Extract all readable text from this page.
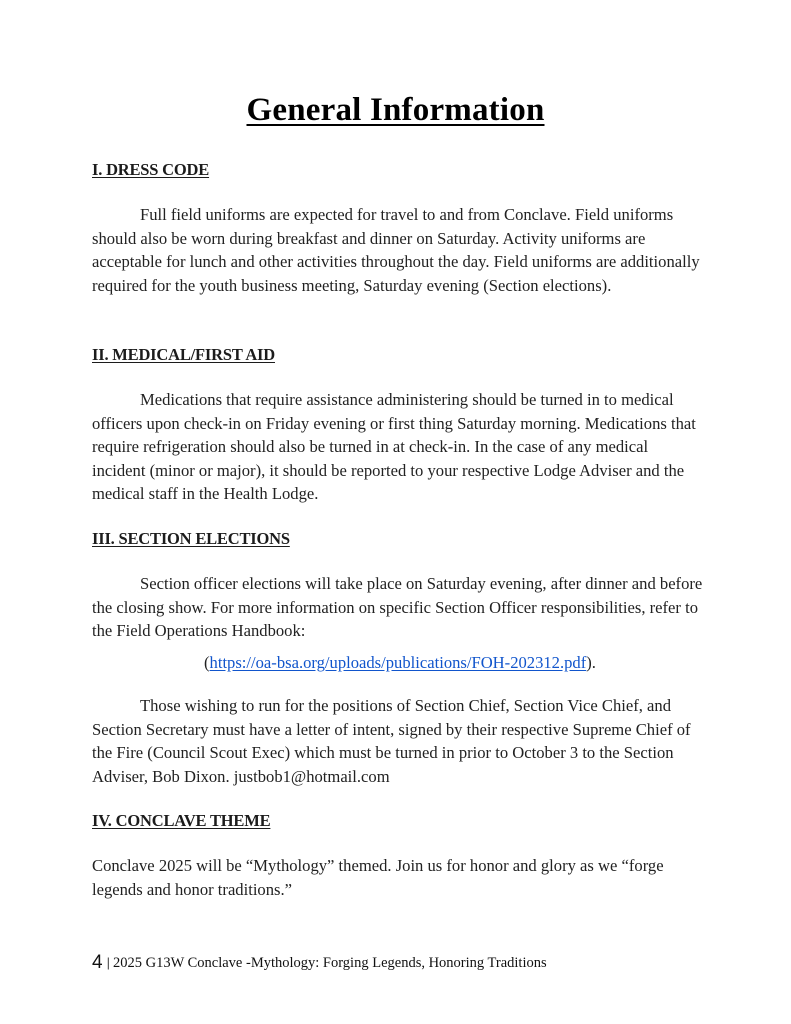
General Information
I. DRESS CODE

Full field uniforms are expected for travel to and from Conclave. Field uniforms should also be worn during breakfast and dinner on Saturday. Activity uniforms are acceptable for lunch and other activities throughout the day. Field uniforms are additionally required for the youth business meeting, Saturday evening (Section elections).

II. MEDICAL/FIRST AID

Medications that require assistance administering should be turned in to medical officers upon check-in on Friday evening or first thing Saturday morning. Medications that require refrigeration should also be turned in at check-in. In the case of any medical incident (minor or major), it should be reported to your respective Lodge Adviser and the medical staff in the Health Lodge.

III. SECTION ELECTIONS

Section officer elections will take place on Saturday evening, after dinner and before the closing show. For more information on specific Section Officer responsibilities, refer to the Field Operations Handbook:

(https://oa-bsa.org/uploads/publications/FOH-202312.pdf).

Those wishing to run for the positions of Section Chief, Section Vice Chief, and Section Secretary must have a letter of intent, signed by their respective Supreme Chief of the Fire (Council Scout Exec) which must be turned in prior to October 3 to the Section Adviser, Bob Dixon. justbob1@hotmail.com

IV. CONCLAVE THEME

Conclave 2025 will be “Mythology” themed. Join us for honor and glory as we “forge legends and honor traditions.”

4 | 2025 G13W Conclave -Mythology: Forging Legends, Honoring Traditions
